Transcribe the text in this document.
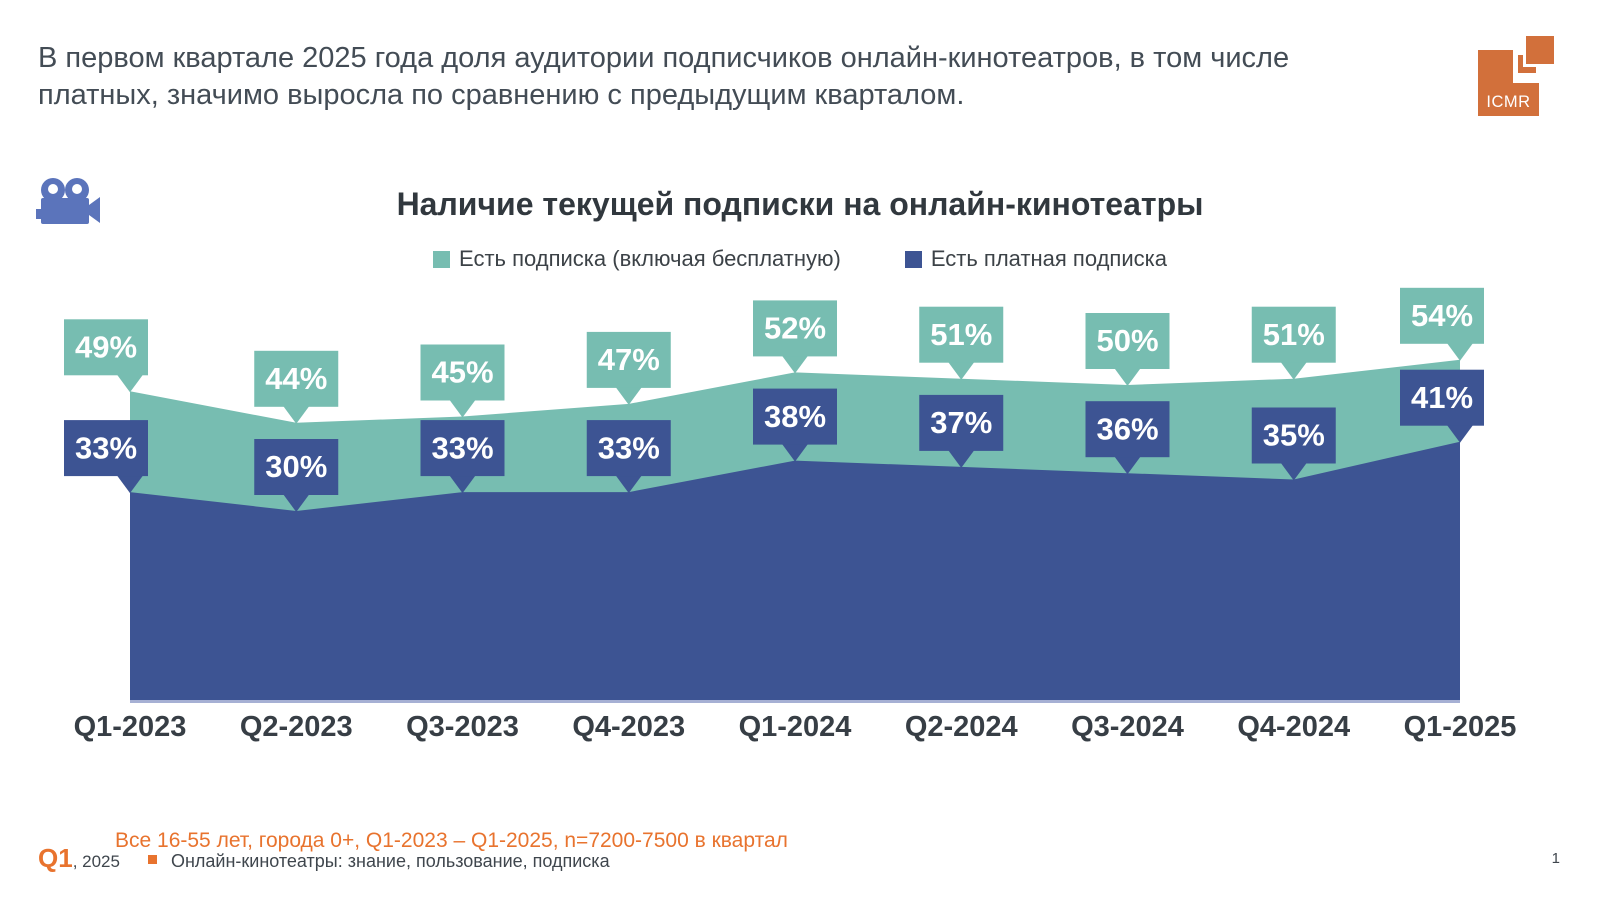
В первом квартале 2025 года доля аудитории подписчиков онлайн-кинотеатров, в том числе платных, значимо выросла по сравнению с предыдущим кварталом.	ICMR
Наличие текущей подписки на онлайн-кинотеатры
Есть подписка (включая бесплатную)	Есть платная подписка
49%
44%	45%	47%
52%	51%	50%	51%
54%
33%
30%
33%	33%
38%	37%	36%	35%
41%
Q1-2023 Q2-2023 Q3-2023 Q4-2023 Q1-2024 Q2-2024 Q3-2024 Q4-2024 Q1-2025
Все 16-55 лет, города 0+, Q1-2023 – Q1-2025, n=7200-7500 в квартал
Q1 , 2025	Онлайн-кинотеатры: знание, пользование, подписка	1
